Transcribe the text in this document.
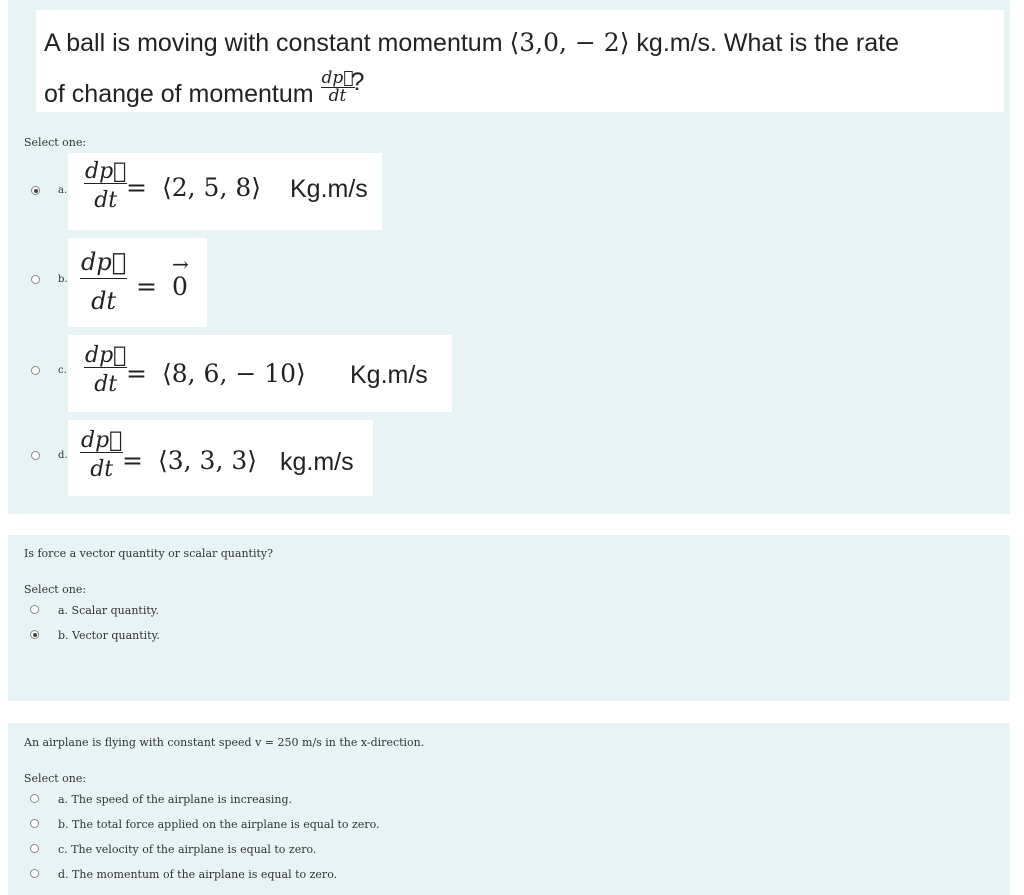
A ball is moving with constant momentum ⟨3,0, − 2⟩ kg.m/s. What is the rate
of change of momentum $\frac{dp⃗}{dt}$
?
Select one:
a. $\frac{dp⃗}{dt}$
= ⟨2, 5, 8⟩ Kg.m/s
b. $\frac{dp⃗}{dt}$ =
→ 0
c. $\frac{dp⃗}{dt}$
= ⟨8, 6, − 10⟩ Kg.m/s
d. $\frac{dp⃗}{dt}$
= ⟨3, 3, 3⟩ kg.m/s
Is force a vector quantity or scalar quantity?
Select one:
a. Scalar quantity.
b. Vector quantity.
An airplane is flying with constant speed v = 250 m/s in the x-direction.
Select one:
a. The speed of the airplane is increasing.
b. The total force applied on the airplane is equal to zero.
c. The velocity of the airplane is equal to zero.
d. The momentum of the airplane is equal to zero.
